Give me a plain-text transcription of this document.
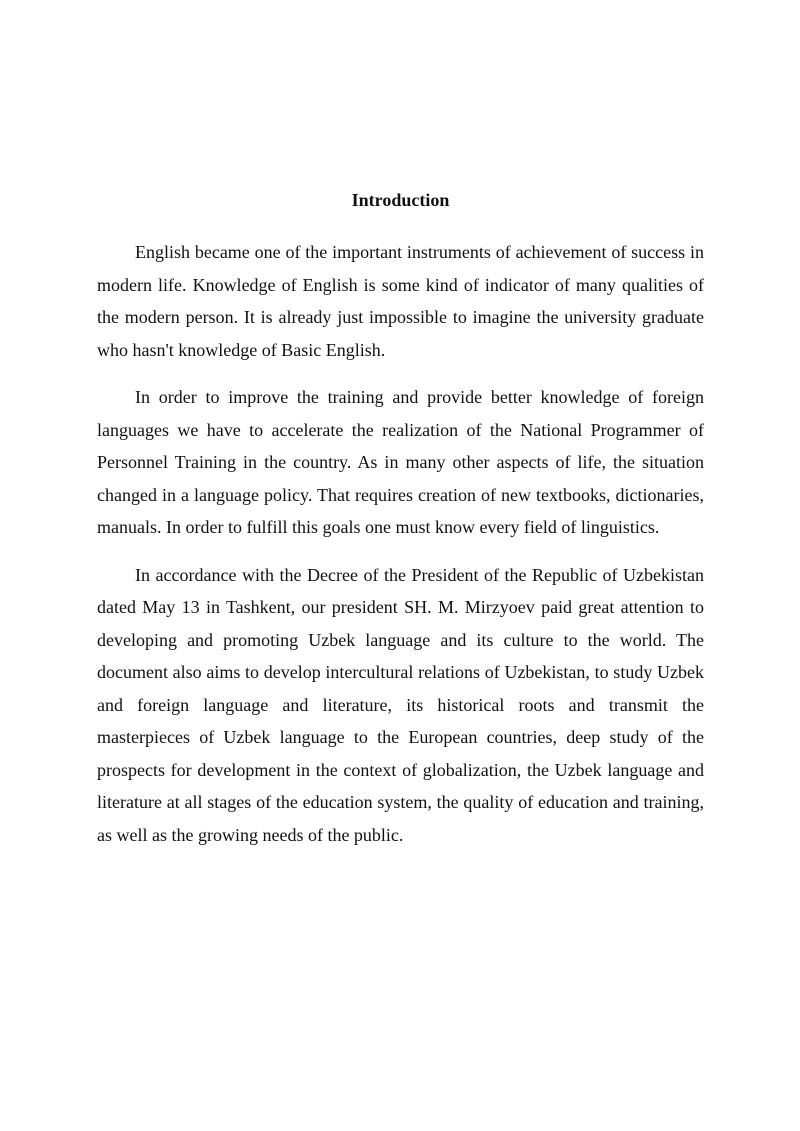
Introduction

English became one of the important instruments of achievement of success in modern life. Knowledge of English is some kind of indicator of many qualities of the modern person. It is already just impossible to imagine the university graduate who hasn't knowledge of Basic English.

In order to improve the training and provide better knowledge of foreign languages we have to accelerate the realization of the National Programmer of Personnel Training in the country. As in many other aspects of life, the situation changed in a language policy. That requires creation of new textbooks, dictionaries, manuals. In order to fulfill this goals one must know every field of linguistics.

In accordance with the Decree of the President of the Republic of Uzbekistan dated May 13 in Tashkent, our president SH. M. Mirzyoev paid great attention to developing and promoting Uzbek language and its culture to the world. The document also aims to develop intercultural relations of Uzbekistan, to study Uzbek and foreign language and literature, its historical roots and transmit the masterpieces of Uzbek language to the European countries, deep study of the prospects for development in the context of globalization, the Uzbek language and literature at all stages of the education system, the quality of education and training, as well as the growing needs of the public.
